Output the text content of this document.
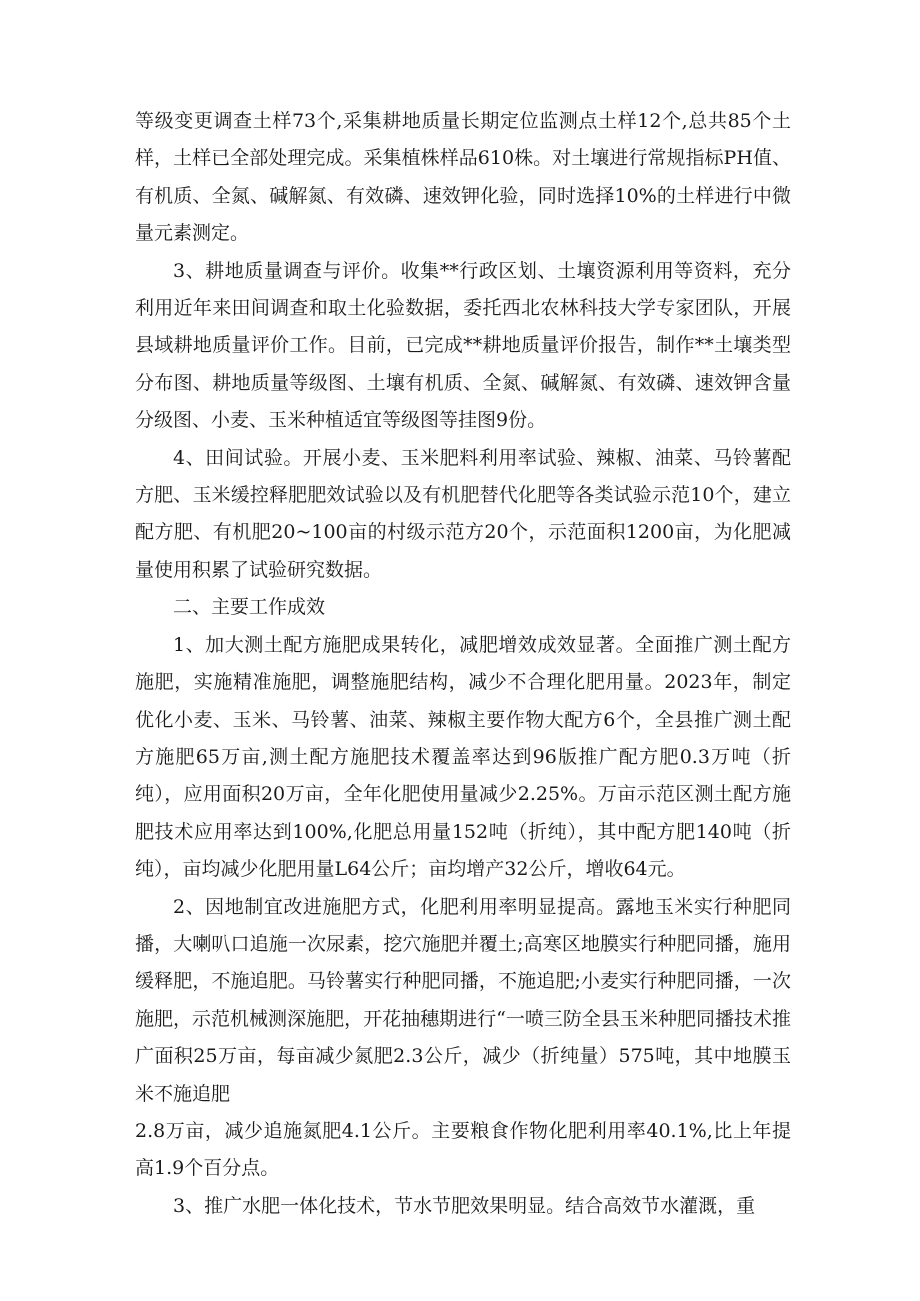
等级变更调查土样73个,采集耕地质量长期定位监测点土样12个,总共85个土样，土样已全部处理完成。采集植株样品610株。对土壤进行常规指标PH值、有机质、全氮、碱解氮、有效磷、速效钾化验，同时选择10%的土样进行中微量元素测定。

3、耕地质量调查与评价。收集**行政区划、土壤资源利用等资料，充分利用近年来田间调查和取土化验数据，委托西北农林科技大学专家团队，开展县域耕地质量评价工作。目前，已完成**耕地质量评价报告，制作**土壤类型分布图、耕地质量等级图、土壤有机质、全氮、碱解氮、有效磷、速效钾含量分级图、小麦、玉米种植适宜等级图等挂图9份。

4、田间试验。开展小麦、玉米肥料利用率试验、辣椒、油菜、马铃薯配方肥、玉米缓控释肥肥效试验以及有机肥替代化肥等各类试验示范10个，建立配方肥、有机肥20~100亩的村级示范方20个，示范面积1200亩，为化肥减量使用积累了试验研究数据。

二、主要工作成效

1、加大测土配方施肥成果转化，减肥增效成效显著。全面推广测土配方施肥，实施精准施肥，调整施肥结构，减少不合理化肥用量。2023年，制定优化小麦、玉米、马铃薯、油菜、辣椒主要作物大配方6个，全县推广测土配方施肥65万亩,测土配方施肥技术覆盖率达到96版推广配方肥0.3万吨（折纯），应用面积20万亩，全年化肥使用量减少2.25%。万亩示范区测土配方施肥技术应用率达到100%,化肥总用量152吨（折纯），其中配方肥140吨（折纯），亩均减少化肥用量L64公斤；亩均增产32公斤，增收64元。

2、因地制宜改进施肥方式，化肥利用率明显提高。露地玉米实行种肥同播，大喇叭口追施一次尿素，挖穴施肥并覆土;高寒区地膜实行种肥同播，施用缓释肥，不施追肥。马铃薯实行种肥同播，不施追肥;小麦实行种肥同播，一次施肥，示范机械测深施肥，开花抽穗期进行“一喷三防全县玉米种肥同播技术推广面积25万亩，每亩减少氮肥2.3公斤，减少（折纯量）575吨，其中地膜玉米不施追肥

2.8万亩，减少追施氮肥4.1公斤。主要粮食作物化肥利用率40.1%,比上年提高1.9个百分点。

3、推广水肥一体化技术，节水节肥效果明显。结合高效节水灌溉，重
